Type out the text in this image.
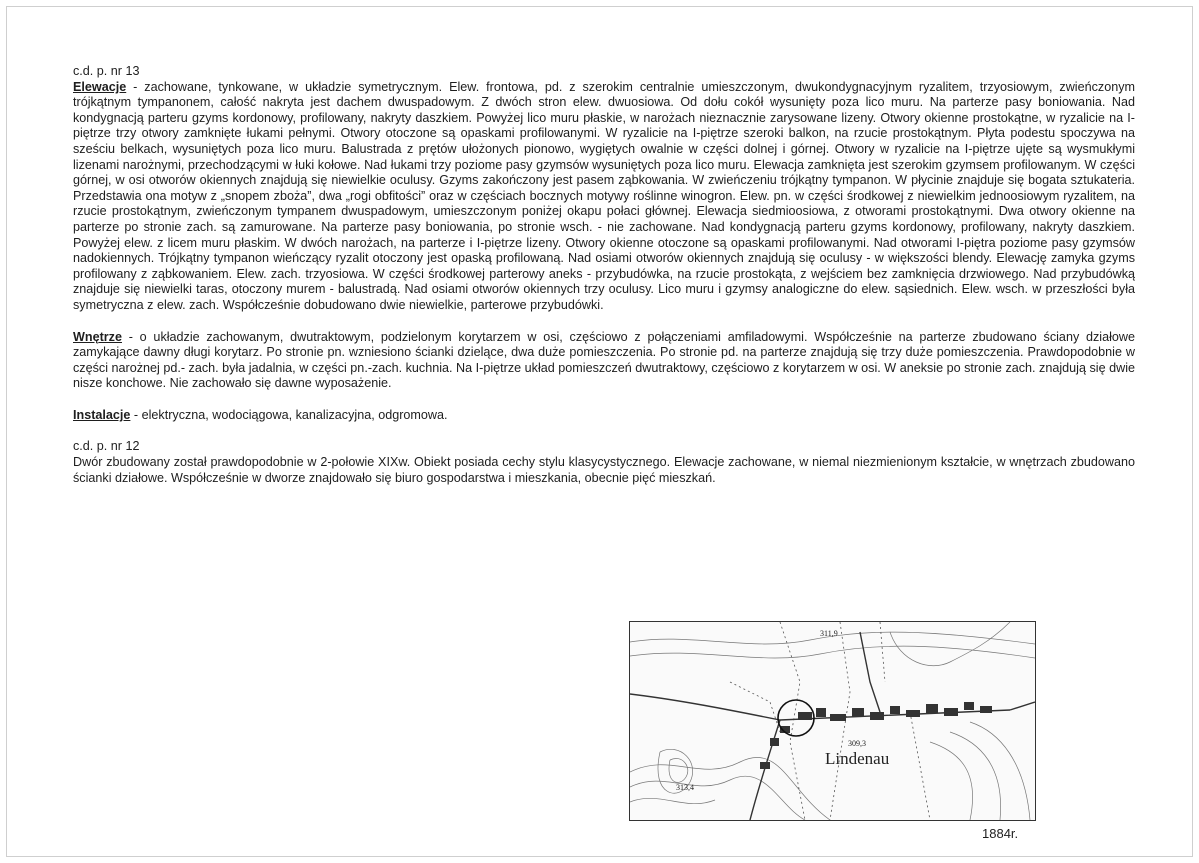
c.d. p. nr 13

Elewacje - zachowane, tynkowane, w układzie symetrycznym. Elew. frontowa, pd. z szerokim centralnie umieszczonym, dwukondygnacyjnym ryzalitem, trzyosiowym, zwieńczonym trójkątnym tympanonem, całość nakryta jest dachem dwuspadowym. Z dwóch stron elew. dwuosiowa. Od dołu cokół wysunięty poza lico muru. Na parterze pasy boniowania. Nad kondygnacją parteru gzyms kordonowy, profilowany, nakryty daszkiem. Powyżej lico muru płaskie, w narożach nieznacznie zarysowane lizeny. Otwory okienne prostokątne, w ryzalicie na I-piętrze trzy otwory zamknięte łukami pełnymi. Otwory otoczone są opaskami profilowanymi. W ryzalicie na I-piętrze szeroki balkon, na rzucie prostokątnym. Płyta podestu spoczywa na sześciu belkach, wysuniętych poza lico muru. Balustrada z prętów ułożonych pionowo, wygiętych owalnie w części dolnej i górnej. Otwory w ryzalicie na I-piętrze ujęte są wysmukłymi lizenami narożnymi, przechodzącymi w łuki kołowe. Nad łukami trzy poziome pasy gzymsów wysuniętych poza lico muru. Elewacja zamknięta jest szerokim gzymsem profilowanym. W części górnej, w osi otworów okiennych znajdują się niewielkie oculusy. Gzyms zakończony jest pasem ząbkowania. W zwieńczeniu trójkątny tympanon. W płycinie znajduje się bogata sztukateria. Przedstawia ona motyw z „snopem zboża”, dwa „rogi obfitości” oraz w częściach bocznych motywy roślinne winogron. Elew. pn. w części środkowej z niewielkim jednoosiowym ryzalitem, na rzucie prostokątnym, zwieńczonym tympanem dwuspadowym, umieszczonym poniżej okapu połaci głównej. Elewacja siedmioosiowa, z otworami prostokątnymi. Dwa otwory okienne na parterze po stronie zach. są zamurowane. Na parterze pasy boniowania, po stronie wsch. - nie zachowane. Nad kondygnacją parteru gzyms kordonowy, profilowany, nakryty daszkiem. Powyżej elew. z licem muru płaskim. W dwóch narożach, na parterze i I-piętrze lizeny. Otwory okienne otoczone są opaskami profilowanymi. Nad otworami I-piętra poziome pasy gzymsów nadokiennych. Trójkątny tympanon wieńczący ryzalit otoczony jest opaską profilowaną. Nad osiami otworów okiennych znajdują się oculusy - w większości blendy. Elewację zamyka gzyms profilowany z ząbkowaniem. Elew. zach. trzyosiowa. W części środkowej parterowy aneks - przybudówka, na rzucie prostokąta, z wejściem bez zamknięcia drzwiowego. Nad przybudówką znajduje się niewielki taras, otoczony murem - balustradą. Nad osiami otworów okiennych trzy oculusy. Lico muru i gzymsy analogiczne do elew. sąsiednich. Elew. wsch. w przeszłości była symetryczna z elew. zach. Współcześnie dobudowano dwie niewielkie, parterowe przybudówki.

Wnętrze - o układzie zachowanym, dwutraktowym, podzielonym korytarzem w osi, częściowo z połączeniami amfiladowymi. Współcześnie na parterze zbudowano ściany działowe zamykające dawny długi korytarz. Po stronie pn. wzniesiono ścianki dzielące, dwa duże pomieszczenia. Po stronie pd. na parterze znajdują się trzy duże pomieszczenia. Prawdopodobnie w części narożnej pd.- zach. była jadalnia, w części pn.-zach. kuchnia. Na I-piętrze układ pomieszczeń dwutraktowy, częściowo z korytarzem w osi. W aneksie po stronie zach. znajdują się dwie nisze konchowe. Nie zachowało się dawne wyposażenie.

Instalacje - elektryczna, wodociągowa, kanalizacyjna, odgromowa.

c.d. p. nr 12

Dwór zbudowany został prawdopodobnie w 2-połowie XIXw. Obiekt posiada cechy stylu klasycystycznego. Elewacje zachowane, w niemal niezmienionym kształcie, w wnętrzach zbudowano ścianki działowe. Współcześnie w dworze znajdowało się biuro gospodarstwa i mieszkania, obecnie pięć mieszkań.

311,9
309,3
313,4
Lindenau
1884r.
